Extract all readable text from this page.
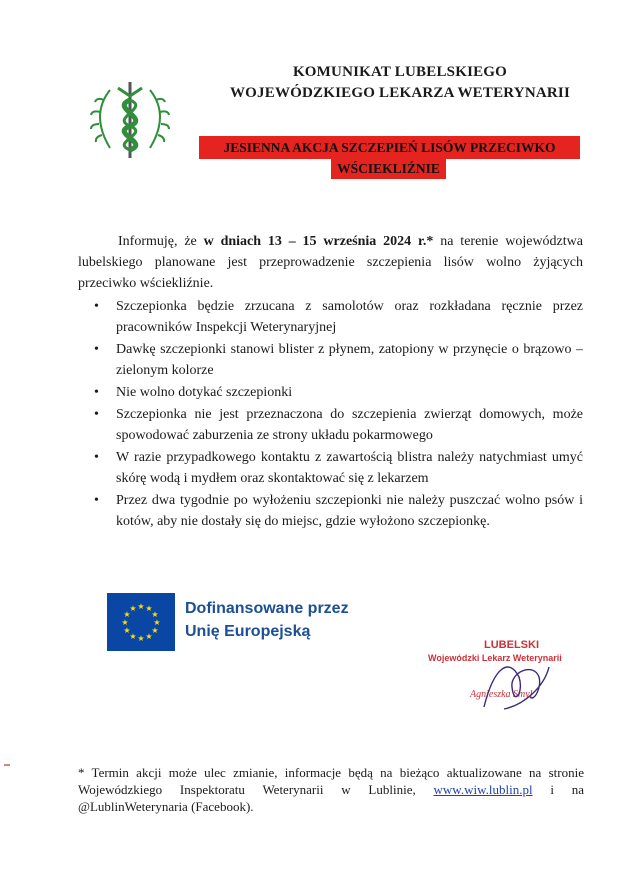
KOMUNIKAT LUBELSKIEGO
WOJEWÓDZKIEGO LEKARZA WETERYNARII
JESIENNA AKCJA SZCZEPIEŃ LISÓW PRZECIWKO
WŚCIEKLIŹNIE

Informuję, że w dniach 13 – 15 września 2024 r.* na terenie województwa lubelskiego planowane jest przeprowadzenie szczepienia lisów wolno żyjących przeciwko wściekliźnie.

• Szczepionka będzie zrzucana z samolotów oraz rozkładana ręcznie przez pracowników Inspekcji Weterynaryjnej
• Dawkę szczepionki stanowi blister z płynem, zatopiony w przynęcie o brązowo – zielonym kolorze
• Nie wolno dotykać szczepionki
• Szczepionka nie jest przeznaczona do szczepienia zwierząt domowych, może spowodować zaburzenia ze strony układu pokarmowego
• W razie przypadkowego kontaktu z zawartością blistra należy natychmiast umyć skórę wodą i mydłem oraz skontaktować się z lekarzem
• Przez dwa tygodnie po wyłożeniu szczepionki nie należy puszczać wolno psów i kotów, aby nie dostały się do miejsc, gdzie wyłożono szczepionkę.
★ ★
★
★
★
★
★
★
★
★
★
★	Dofinansowane przez
Unię Europejską
LUBELSKI
Wojewódzki Lekarz Weterynarii
Agnieszka Smyl
* Termin akcji może ulec zmianie, informacje będą na bieżąco aktualizowane na stronie Wojewódzkiego Inspektoratu Weterynarii w Lublinie, www.wiw.lublin.pl i na @LublinWeterynaria (Facebook).
